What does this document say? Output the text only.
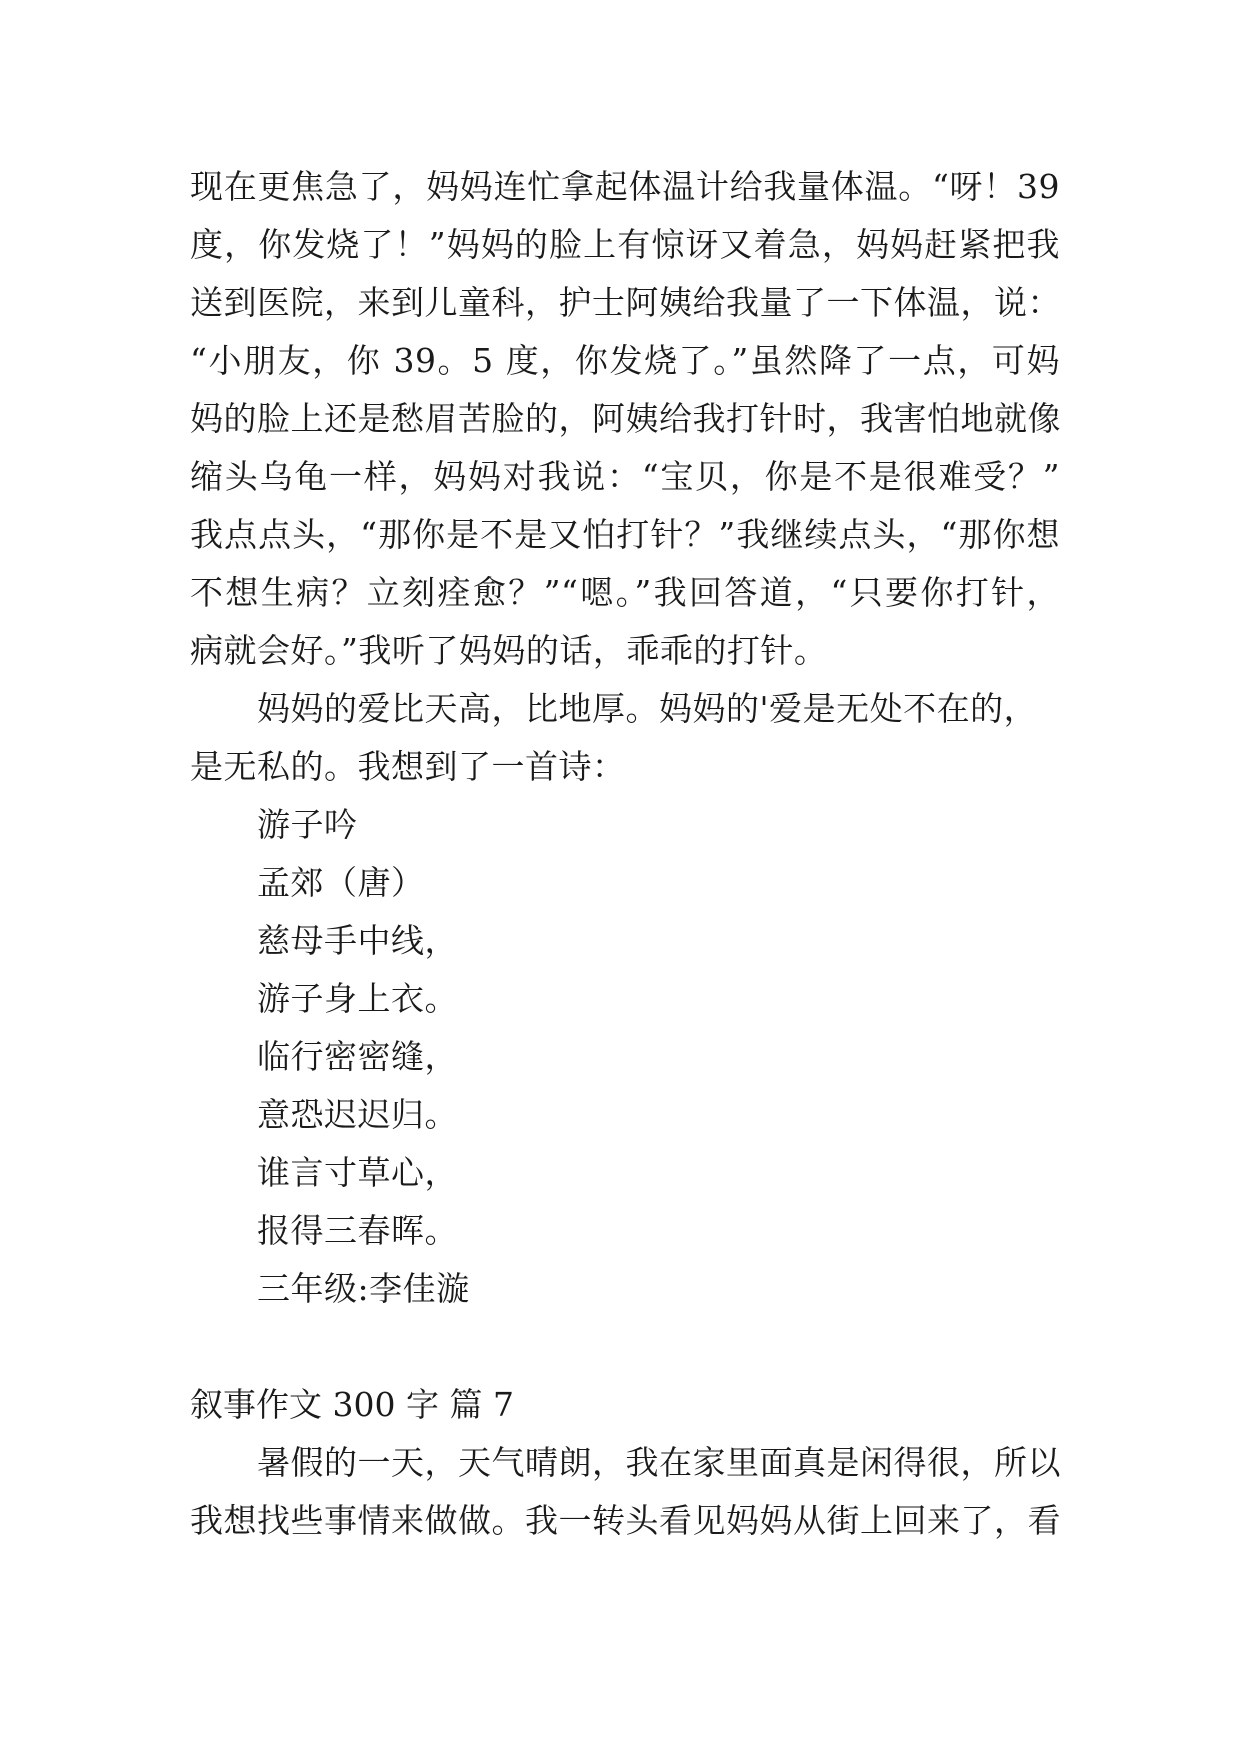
现在更焦急了，妈妈连忙拿起体温计给我量体温。“呀！39
度，你发烧了！”妈妈的脸上有惊讶又着急，妈妈赶紧把我
送到医院，来到儿童科，护士阿姨给我量了一下体温，说：
“小朋友，你 39。5 度，你发烧了。”虽然降了一点，可妈
妈的脸上还是愁眉苦脸的，阿姨给我打针时，我害怕地就像
缩头乌龟一样，妈妈对我说：“宝贝，你是不是很难受？”
我点点头，“那你是不是又怕打针？”我继续点头，“那你想
不想生病？立刻痊愈？”“嗯。”我回答道，“只要你打针，
病就会好。”我听了妈妈的话，乖乖的打针。
妈妈的爱比天高，比地厚。妈妈的'爱是无处不在的，
是无私的。我想到了一首诗：
游子吟
孟郊（唐）
慈母手中线，
游子身上衣。
临行密密缝，
意恐迟迟归。
谁言寸草心，
报得三春晖。
三年级:李佳漩
叙事作文 300 字 篇 7
暑假的一天，天气晴朗，我在家里面真是闲得很，所以
我想找些事情来做做。我一转头看见妈妈从街上回来了，看
